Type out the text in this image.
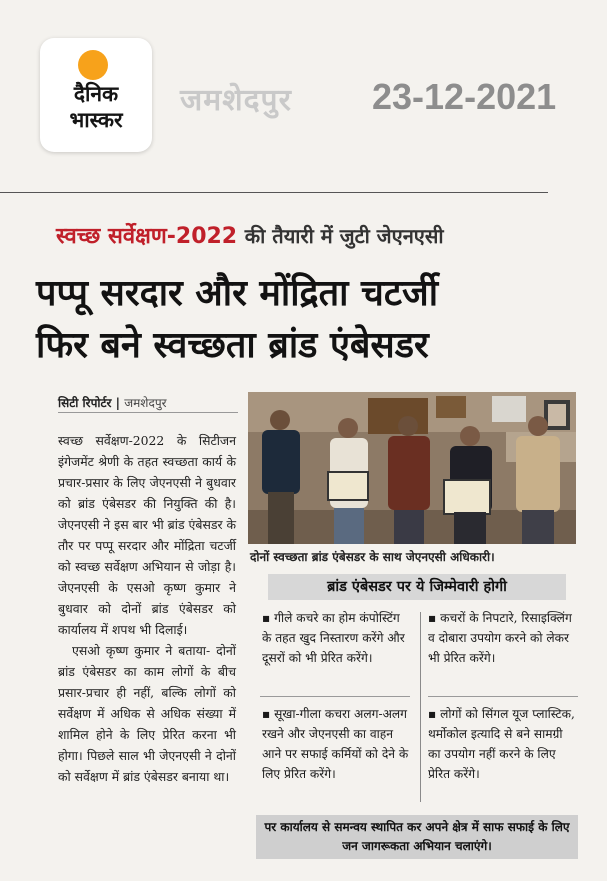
दैनिक
भास्कर
जमशेदपुर 23-12-2021
स्वच्छ सर्वेक्षण-2022 की तैयारी में जुटी जेएनएसी
पप्पू सरदार और मोंद्रिता चटर्जी
फिर बने स्वच्छता ब्रांड एंबेसडर
सिटी रिपोर्टर | जमशेदपुर

स्वच्छ सर्वेक्षण-2022 के सिटीजन इंगेजमेंट श्रेणी के तहत स्वच्छता कार्य के प्रचार-प्रसार के लिए जेएनएसी ने बुधवार को ब्रांड एंबेसडर की नियुक्ति की है। जेएनएसी ने इस बार भी ब्रांड एंबेसडर के तौर पर पप्पू सरदार और मोंद्रिता चटर्जी को स्वच्छ सर्वेक्षण अभियान से जोड़ा है। जेएनएसी के एसओ कृष्ण कुमार ने बुधवार को दोनों ब्रांड एंबेसडर को कार्यालय में शपथ भी दिलाई।

एसओ कृष्ण कुमार ने बताया- दोनों ब्रांड एंबेसडर का काम लोगों के बीच प्रसार-प्रचार ही नहीं, बल्कि लोगों को सर्वेक्षण में अधिक से अधिक संख्या में शामिल होने के लिए प्रेरित करना भी होगा। पिछले साल भी जेएनएसी ने दोनों को सर्वेक्षण में ब्रांड एंबेसडर बनाया था।

दोनों स्वच्छता ब्रांड एंबेसडर के साथ जेएनएसी अधिकारी।
ब्रांड एंबेसडर पर ये जिम्मेवारी होगी
▪ गीले कचरे का होम कंपोस्टिंग के तहत खुद निस्तारण करेंगे और दूसरों को भी प्रेरित करेंगे।
▪ कचरों के निपटारे, रिसाइक्लिंग व दोबारा उपयोग करने को लेकर भी प्रेरित करेंगे।
▪ सूखा-गीला कचरा अलग-अलग रखने और जेएनएसी का वाहन आने पर सफाई कर्मियों को देने के लिए प्रेरित करेंगे।
▪ लोगों को सिंगल यूज प्लास्टिक, थर्मोकोल इत्यादि से बने सामग्री का उपयोग नहीं करने के लिए प्रेरित करेंगे।
पर कार्यालय से समन्वय स्थापित कर अपने क्षेत्र में साफ सफाई के लिए जन जागरूकता अभियान चलाएंगे।
